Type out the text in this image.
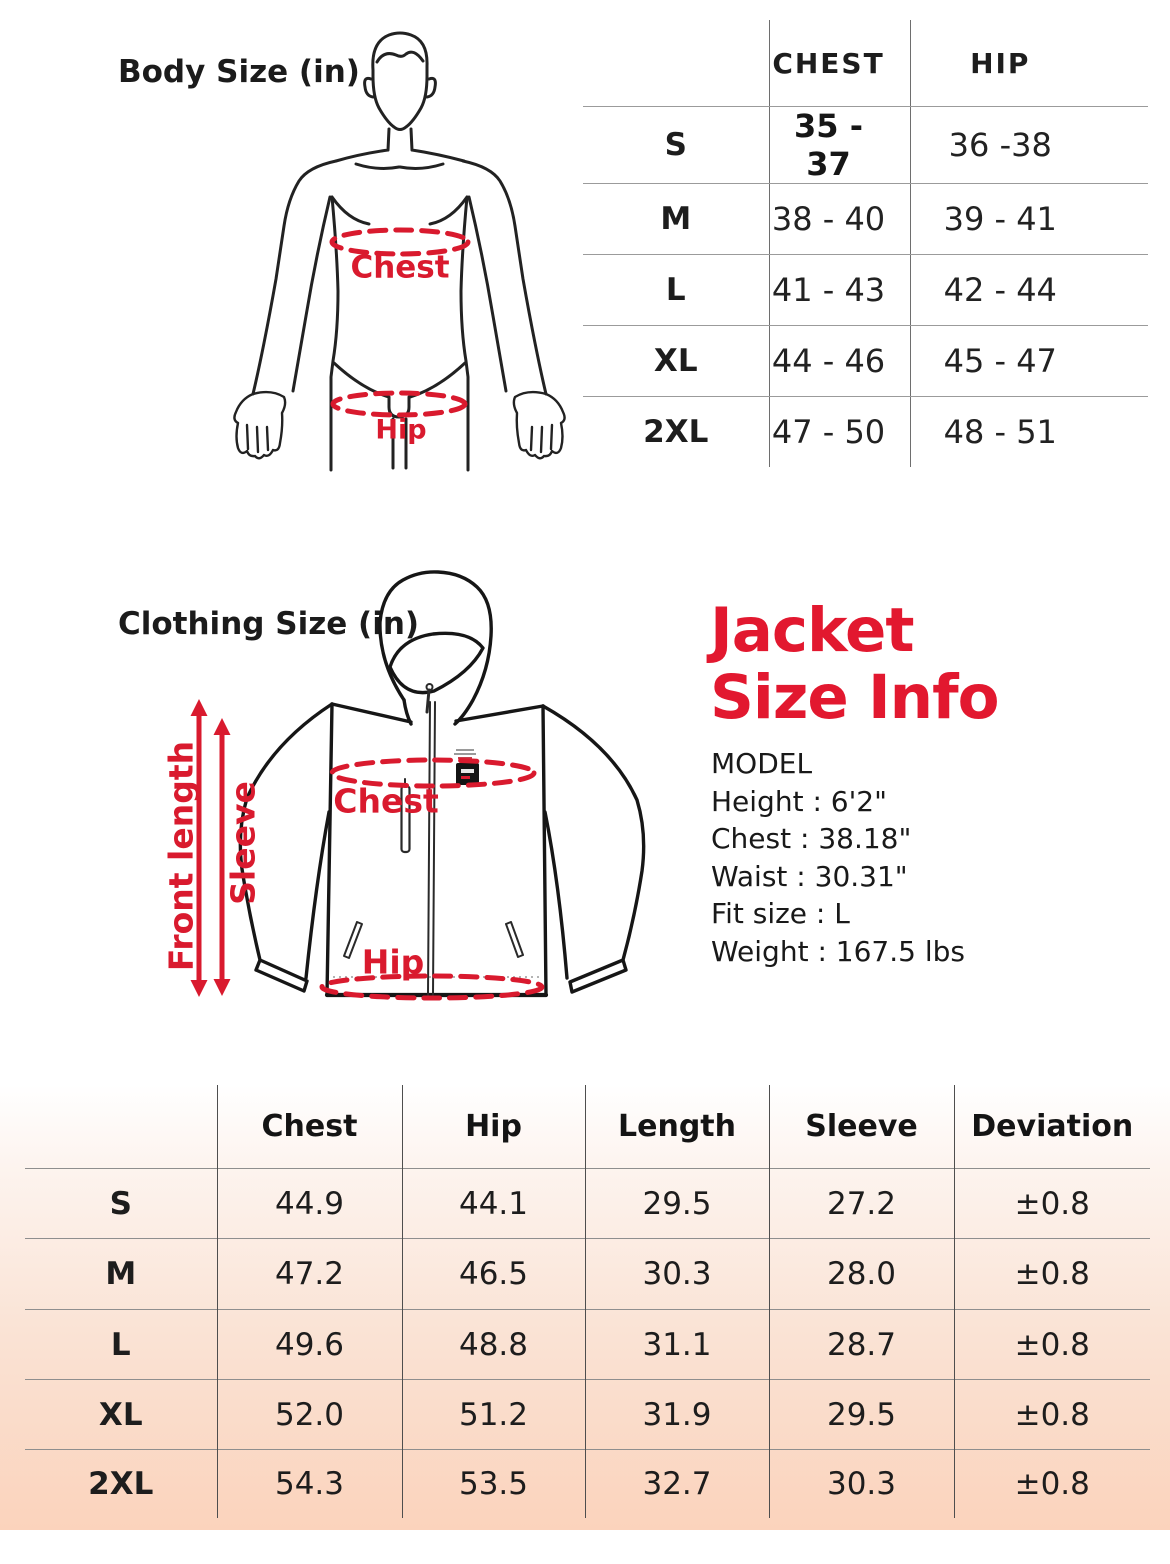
Body Size (in)
Chest
Hip
	CHEST	HIP
S	35 - 37	36 -38
M	38 - 40	39 - 41
L	41 - 43	42 - 44
XL	44 - 46	45 - 47
2XL	47 - 50	48 - 51
Clothing Size (in)
Front length Sleeve Chest
Hip
Jacket
Size Info
MODEL
Height : 6'2"
Chest : 38.18"
Waist : 30.31"
Fit size : L
Weight : 167.5 lbs
	Chest	Hip	Length	Sleeve	Deviation
S	44.9	44.1	29.5	27.2	±0.8
M	47.2	46.5	30.3	28.0	±0.8
L	49.6	48.8	31.1	28.7	±0.8
XL	52.0	51.2	31.9	29.5	±0.8
2XL	54.3	53.5	32.7	30.3	±0.8
